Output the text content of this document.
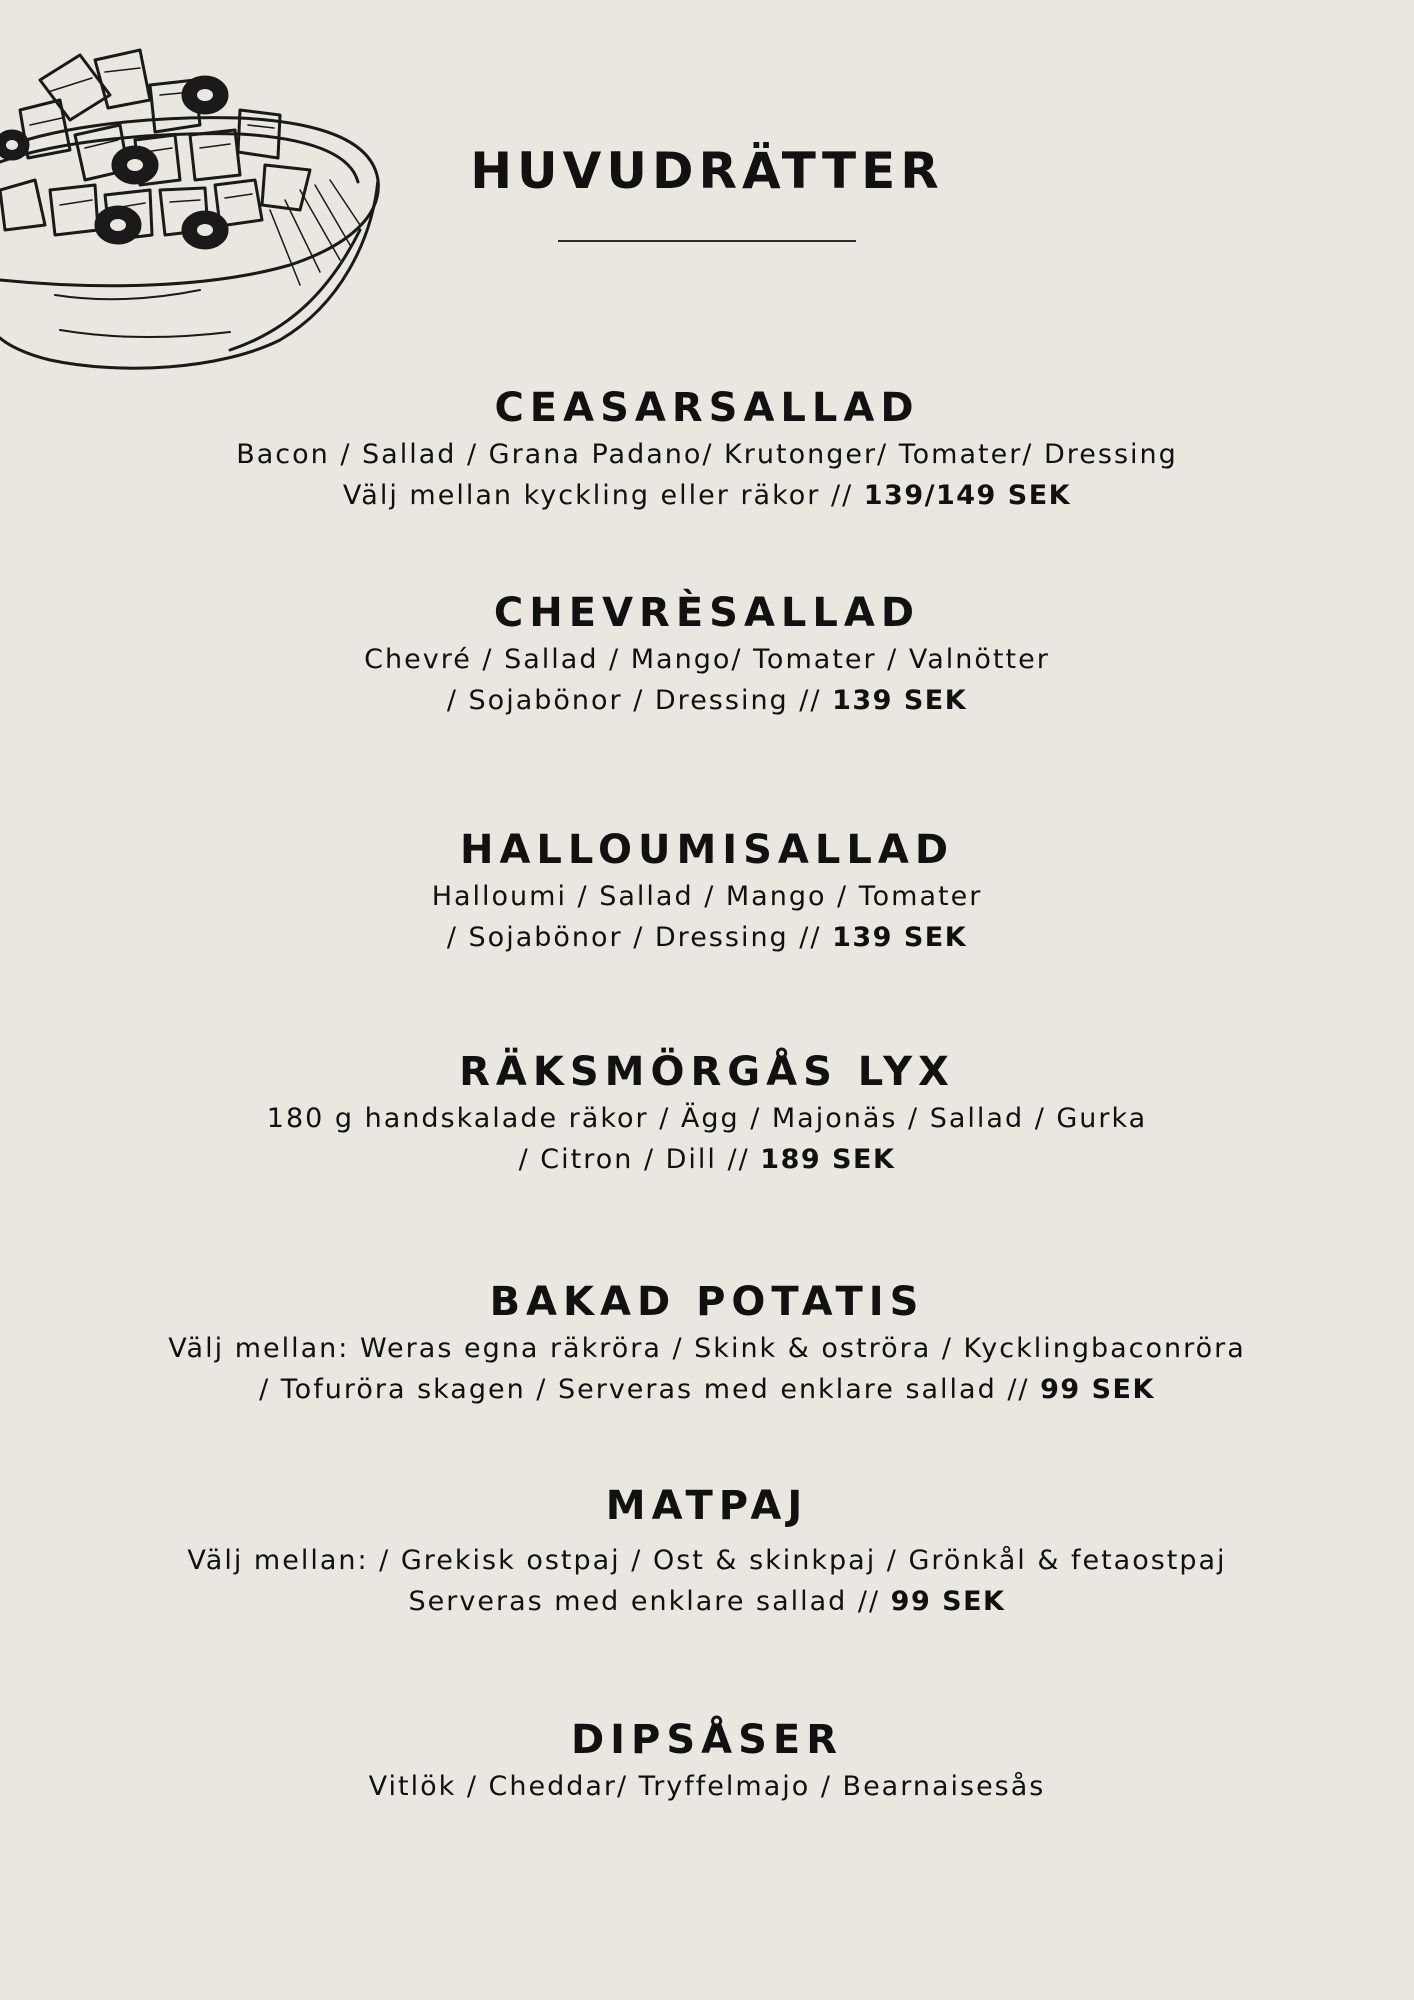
HUVUDRÄTTER
CEASARSALLAD

Bacon / Sallad / Grana Padano/ Krutonger/ Tomater/ Dressing

Välj mellan kyckling eller räkor // 139/149 SEK

CHEVRÈSALLAD

Chevré / Sallad / Mango/ Tomater / Valnötter

/ Sojabönor / Dressing // 139 SEK

HALLOUMISALLAD

Halloumi / Sallad / Mango / Tomater

/ Sojabönor / Dressing // 139 SEK

RÄKSMÖRGÅS LYX

180 g handskalade räkor / Ägg / Majonäs / Sallad / Gurka

/ Citron / Dill // 189 SEK

BAKAD POTATIS

Välj mellan: Weras egna räkröra / Skink & oströra / Kycklingbaconröra

/ Tofuröra skagen / Serveras med enklare sallad // 99 SEK

MATPAJ

Välj mellan: / Grekisk ostpaj / Ost & skinkpaj / Grönkål & fetaostpaj

Serveras med enklare sallad // 99 SEK

DIPSÅSER

Vitlök / Cheddar/ Tryffelmajo / Bearnaisesås
